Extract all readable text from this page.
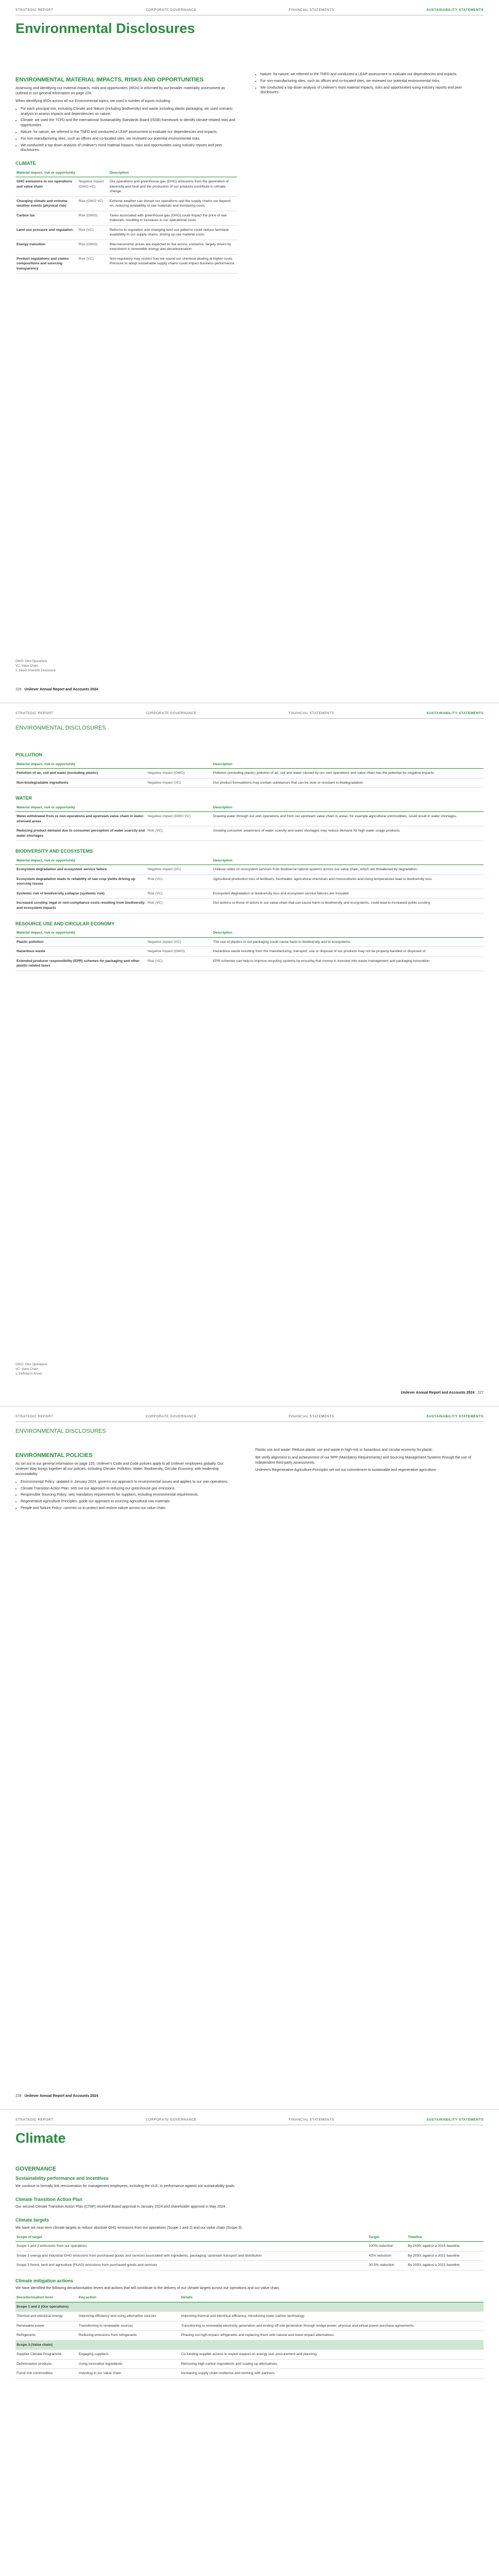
STRATEGIC REPORT	CORPORATE GOVERNANCE	FINANCIAL STATEMENTS	SUSTAINABILITY STATEMENTS
Environmental Disclosures
ENVIRONMENTAL MATERIAL IMPACTS, RISKS AND OPPORTUNITIES

Assessing and identifying our material impacts, risks and opportunities (IROs) is informed by our broader materiality assessment as outlined in our general information on page 228.

When identifying IROs across all our Environmental topics, we used a number of inputs including:

• For each principal risk, including Climate and Nature (including biodiversity) and waste including plastic packaging, we used scenario analysis to assess impacts and dependencies on nature.
• Climate: we used the TCFD and the International Sustainability Standards Board (ISSB) framework to identify climate-related risks and opportunities.
• Nature: for nature, we referred to the TNFD and conducted a LEAP assessment to evaluate our dependencies and impacts.
• For non-manufacturing sites, such as offices and co-located sites, we reviewed our potential environmental risks.
• We conducted a top-down analysis of Unilever's most material impacts, risks and opportunities using industry reports and peer disclosures.
CLIMATE
Material impact, risk or opportunity		Description
GHG emissions in our operations and value chain	Negative impact (OWO VC)	Our operations and greenhouse gas (GHG) emissions from the generation of electricity and heat and the production of our products contribute to climate change.
Changing climate and extreme weather events (physical risk)	Risk (OWO VC)	Extreme weather can disrupt our operations and the supply chains we depend on, reducing availability of raw materials and increasing costs.
Carbon tax	Risk (OWO)	Taxes associated with greenhouse gas (GHG) could impact the price of raw materials, resulting in increases in our operational costs.
Land use pressure and regulation	Risk (VC)	Reforms to regulation and changing land use patterns could reduce farmland availability in our supply chains, driving up raw material costs.
Energy transition	Risk (OWO)	Macroeconomic prices are expected to rise across scenarios, largely driven by investment in renewable energy and decarbonisation.
Product regulations and claims compositions and sourcing transparency	Risk (VC)	Non-regulatory may restrict how we sound our chemical dealing at higher costs. Pressure to adopt sustainable supply chains could impact business performance.
• Nature: for nature, we referred to the TNFD and conducted a LEAP assessment to evaluate our dependencies and impacts.
• For non-manufacturing sites, such as offices and co-located sites, we reviewed our potential environmental risks.
• We conducted a top-down analysis of Unilever's most material impacts, risks and opportunities using industry reports and peer disclosures.
OWO: Own Operations
VC: Value Chain
1. Direct Scientific Disclosure
226 Unilever Annual Report and Accounts 2024
STRATEGIC REPORT	CORPORATE GOVERNANCE	FINANCIAL STATEMENTS	SUSTAINABILITY STATEMENTS
ENVIRONMENTAL DISCLOSURES
POLLUTION
Material impact, risk or opportunity		Description
Pollution of air, soil and water (excluding plastic)	Negative impact (OWO)	Pollution (excluding plastic) pollution of air, soil and water caused by our own operations and value chain has the potential for negative impacts.
Non-biodegradable ingredients	Negative impact (VC)	Our product formulations may contain substances that can be slow or resistant to biodegradation.
WATER
Material impact, risk or opportunity		Description
Water withdrawal from or non-operations and upstream value chain in water-stressed areas	Negative impact (OWO VC)	Drawing water through our own operations and from our upstream value chain in areas, for example agricultural commodities, could result in water shortages.
Reducing product demand due to consumer perception of water scarcity and water shortages	Risk (VC)	Growing consumer awareness of water scarcity and water shortages may reduce demand for high water usage products.
BIODIVERSITY AND ECOSYSTEMS
Material impact, risk or opportunity		Description
Ecosystem degradation and ecosystem service failure	Negative impact (VC)	Unilever relies on ecosystem services from biodiverse natural systems across our value chain, which are threatened by degradation.
Ecosystem degradation leads to reliability of raw crop yields driving up sourcing issues	Risk (VC)	Agricultural production loss of fertilisers, freshwater, agricultural chemicals and monocultures and rising temperatures lead to biodiversity loss.
Systemic risk of biodiversity collapse (systemic risk)	Risk (VC)	Ecosystem degradation or biodiversity loss and ecosystem service failures are included.
Increased scrutiny, legal or non-compliance costs resulting from biodiversity and ecosystem impacts	Risk (VC)	Our actions or those of actors in our value chain that can cause harm to biodiversity and ecosystems, could lead to increased public scrutiny.
RESOURCE USE AND CIRCULAR ECONOMY
Material impact, risk or opportunity		Description
Plastic pollution	Negative impact (VC)	The use of plastics in our packaging could cause harm to biodiversity and to ecosystems.
Hazardous waste	Negative impact (OWO)	Hazardous waste resulting from the manufacturing, transport, use or disposal of our products may not be properly handled or disposed of.
Extended producer responsibility (EPR) schemes for packaging and other plastic-related taxes	Risk (VC)	EPR schemes can help to improve recycling systems by ensuring that money is invested into waste management and packaging innovation.
OWO: Own Operations
VC: Value Chain
1. Defined in Annex
Unilever Annual Report and Accounts 2024 227
STRATEGIC REPORT	CORPORATE GOVERNANCE	FINANCIAL STATEMENTS	SUSTAINABILITY STATEMENTS
ENVIRONMENTAL DISCLOSURES
ENVIRONMENTAL POLICIES

As set out in our general information on page 225, Unilever's Code and Code policies apply to all Unilever employees globally. Our Unilever Way brings together all our policies, including Climate, Pollution, Water, Biodiversity, Circular Economy, with leadership accountability.

• Environmental Policy: updated in January 2024, governs our approach to environmental issues and applies to our own operations.
• Climate Transition Action Plan: sets out our approach to reducing our greenhouse gas emissions.
• Responsible Sourcing Policy: sets mandatory requirements for suppliers, including environmental requirements.
• Regenerative Agriculture Principles: guide our approach to sourcing agricultural raw materials.
• People and Nature Policy: commits us to protect and restore nature across our value chain.

Plastic use and waste: Reduce plastic use and waste in high-risk or hazardous and circular economy for plastic.

We verify alignment to and achievement of our RPP (Mandatory Requirements) and Sourcing Management Systems through the use of independent third-party assessments.

Unilever's Regenerative Agriculture Principles set out our commitment to sustainable and regenerative agriculture.

228 Unilever Annual Report and Accounts 2024
STRATEGIC REPORT	CORPORATE GOVERNANCE	FINANCIAL STATEMENTS	SUSTAINABILITY STATEMENTS
Climate
GOVERNANCE
Sustainability performance and incentives

We continue to formally link remuneration for management employees, including the ULE, to performance against our sustainability goals.

Climate Transition Action Plan

Our second Climate Transition Action Plan (CTAP) received Board approval in January 2024 and shareholder approval in May 2024.

Climate targets

We have set near-term climate targets to reduce absolute GHG emissions from our operations (Scope 1 and 2) and our value chain (Scope 3).

Scope of target	Target	Timeline
Scope 1 and 2 emissions from our operations	100% reduction	By 2030, against a 2015 baseline
Scope 3 energy and industrial GHG emissions from purchased goods and services associated with ingredients, packaging, upstream transport and distribution	42% reduction	By 2030, against a 2021 baseline
Scope 3 forest, land and agriculture (FLAG) emissions from purchased goods and services	30.3% reduction	By 2030, against a 2021 baseline
Climate mitigation actions

We have identified the following decarbonisation levers and actions that will contribute to the delivery of our climate targets across our operations and our value chain.

Decarbonisation lever	Key action	Details
Scope 1 and 2 (Our operations)		
Thermal and electrical energy	Improving efficiency and using alternative sources	Improving thermal and electrical efficiency, introducing lower-carbon technology.
Renewable power	Transitioning to renewable sources	Transitioning to renewable electricity generation and ending off-site generation through bridge power, physical and virtual power purchase agreements.
Refrigerants	Reducing emissions from refrigerants	Phasing out high-impact refrigerants and replacing them with natural and lower-impact alternatives.
Scope 3 (Value chain)		
Supplier Climate Programme	Engaging suppliers	Co-funding supplier access to expert support on energy use, procurement and planning.
Deforestation products	Using innovative ingredients	Removing high-carbon ingredients and scaling up alternatives.
Fossil risk commodities	Investing in our value chain	Increasing supply chain resilience and working with partners.
